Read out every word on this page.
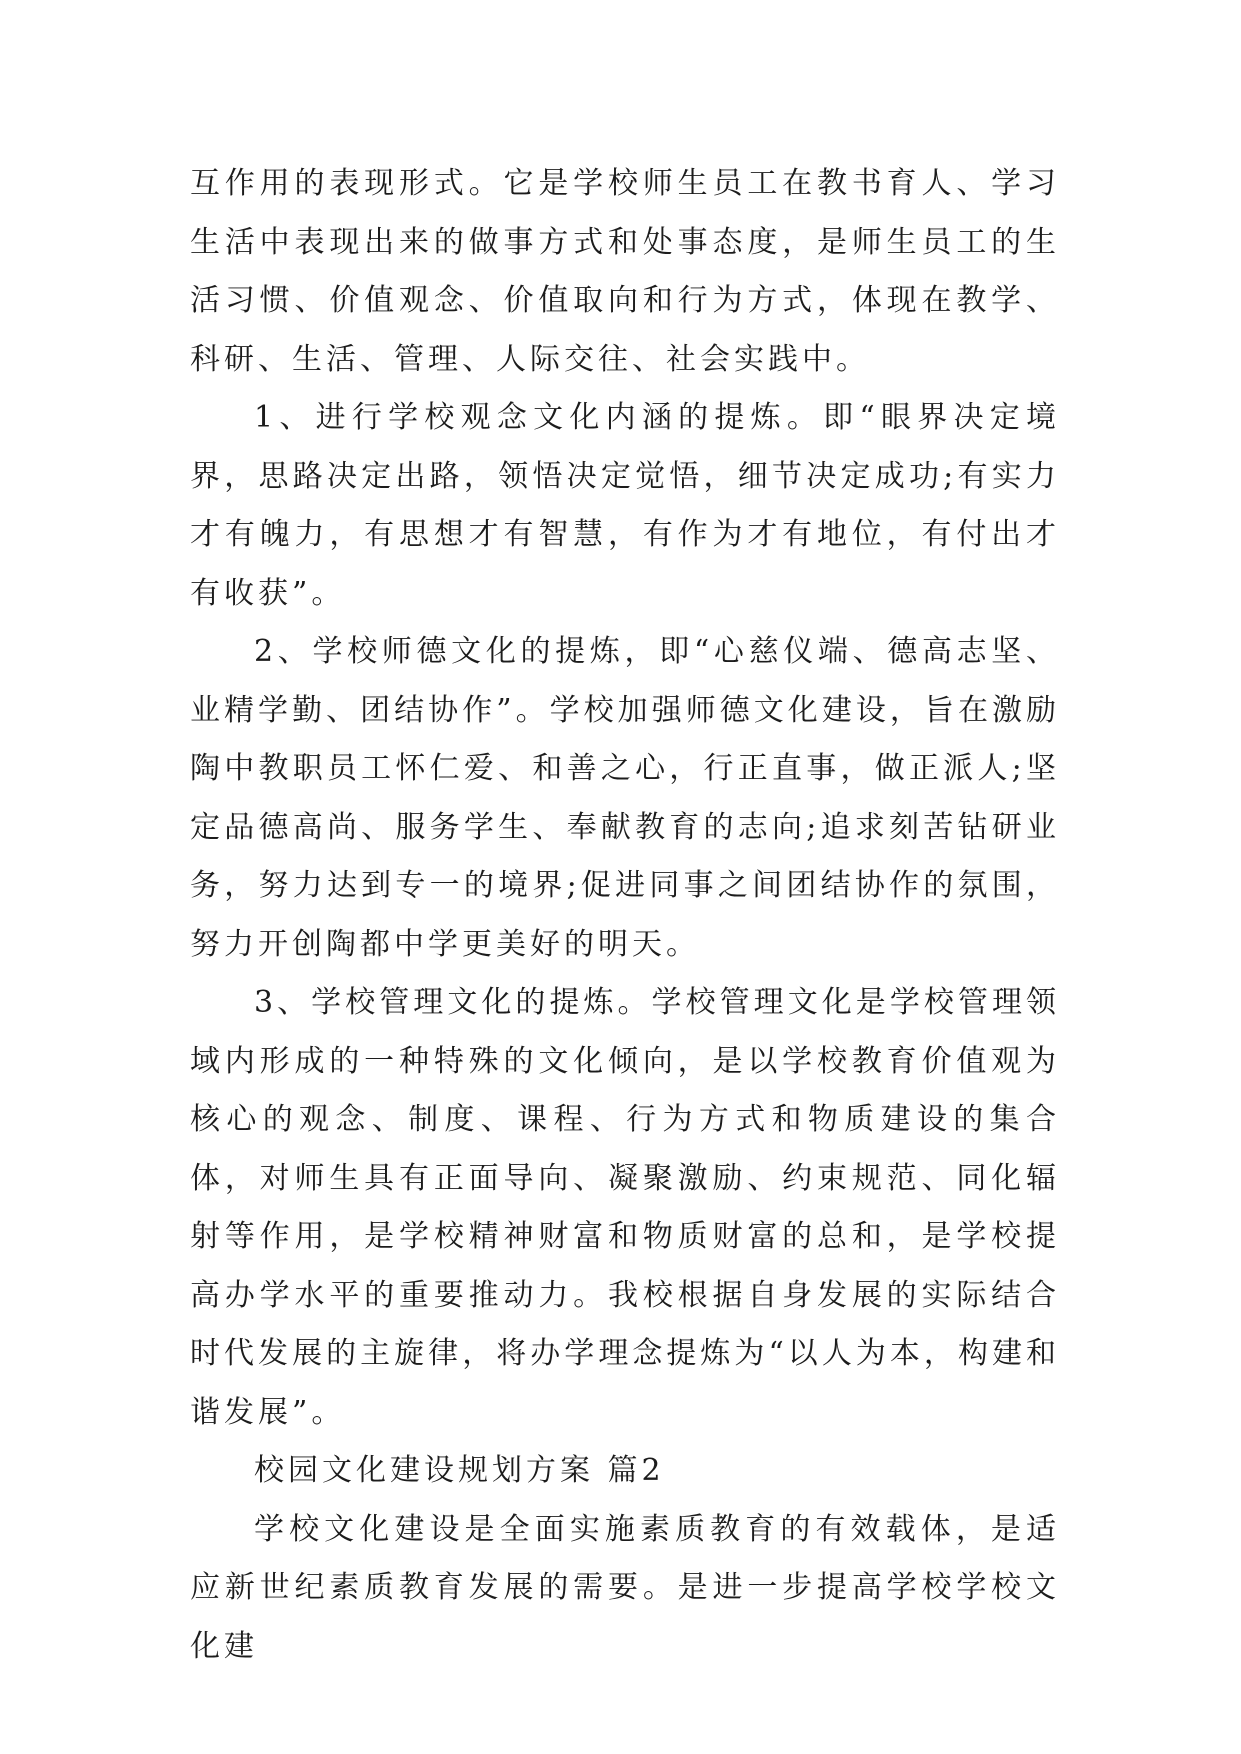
互作用的表现形式。它是学校师生员工在教书育人、学习生活中表现出来的做事方式和处事态度，是师生员工的生活习惯、价值观念、价值取向和行为方式，体现在教学、科研、生活、管理、人际交往、社会实践中。

1、进行学校观念文化内涵的提炼。即“眼界决定境界，思路决定出路，领悟决定觉悟，细节决定成功;有实力才有魄力，有思想才有智慧，有作为才有地位，有付出才有收获”。

2、学校师德文化的提炼，即“心慈仪端、德高志坚、业精学勤、团结协作”。学校加强师德文化建设，旨在激励陶中教职员工怀仁爱、和善之心，行正直事，做正派人;坚定品德高尚、服务学生、奉献教育的志向;追求刻苦钻研业务，努力达到专一的境界;促进同事之间团结协作的氛围，努力开创陶都中学更美好的明天。

3、学校管理文化的提炼。学校管理文化是学校管理领域内形成的一种特殊的文化倾向，是以学校教育价值观为核心的观念、制度、课程、行为方式和物质建设的集合体，对师生具有正面导向、凝聚激励、约束规范、同化辐射等作用，是学校精神财富和物质财富的总和，是学校提高办学水平的重要推动力。我校根据自身发展的实际结合时代发展的主旋律，将办学理念提炼为“以人为本，构建和谐发展”。

校园文化建设规划方案 篇2

学校文化建设是全面实施素质教育的有效载体，是适应新世纪素质教育发展的需要。是进一步提高学校学校文化建
